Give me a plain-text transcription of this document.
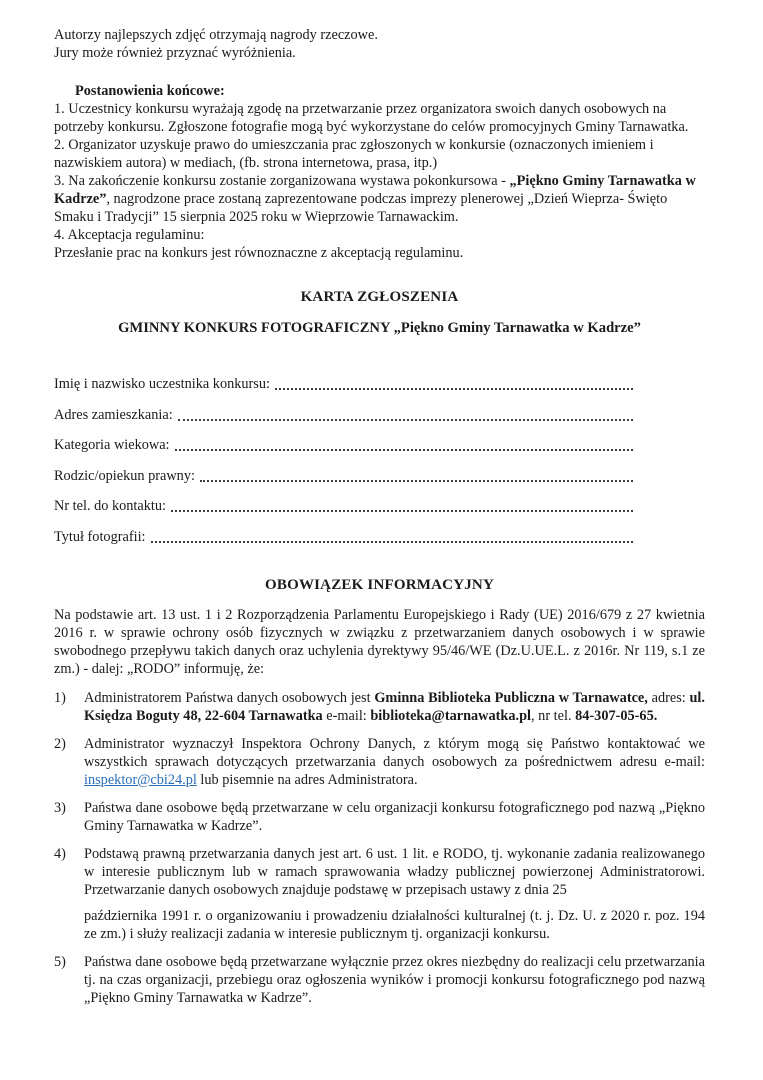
Autorzy najlepszych zdjęć otrzymają nagrody rzeczowe.
Jury może również przyznać wyróżnienia.

Postanowienia końcowe:

1. Uczestnicy konkursu wyrażają zgodę na przetwarzanie przez organizatora swoich danych osobowych na potrzeby konkursu. Zgłoszone fotografie mogą być wykorzystane do celów promocyjnych Gminy Tarnawatka.

2. Organizator uzyskuje prawo do umieszczania prac zgłoszonych w konkursie (oznaczonych imieniem i nazwiskiem autora) w mediach, (fb. strona internetowa, prasa, itp.)

3. Na zakończenie konkursu zostanie zorganizowana wystawa pokonkursowa - „Piękno Gminy Tarnawatka w Kadrze”, nagrodzone prace zostaną zaprezentowane podczas imprezy plenerowej „Dzień Wieprza- Święto Smaku i Tradycji” 15 sierpnia 2025 roku w Wieprzowie Tarnawackim.

4. Akceptacja regulaminu:
Przesłanie prac na konkurs jest równoznaczne z akceptacją regulaminu.

KARTA ZGŁOSZENIA

GMINNY KONKURS FOTOGRAFICZNY „Piękno Gminy Tarnawatka w Kadrze”

Imię i nazwisko uczestnika konkursu:
Adres zamieszkania:
Kategoria wiekowa:
Rodzic/opiekun prawny:
Nr tel. do kontaktu:
Tytuł fotografii:

OBOWIĄZEK INFORMACYJNY

Na podstawie art. 13 ust. 1 i 2 Rozporządzenia Parlamentu Europejskiego i Rady (UE) 2016/679 z 27 kwietnia 2016 r. w sprawie ochrony osób fizycznych w związku z przetwarzaniem danych osobowych i w sprawie swobodnego przepływu takich danych oraz uchylenia dyrektywy 95/46/WE (Dz.U.UE.L. z 2016r. Nr 119, s.1 ze zm.) - dalej: „RODO” informuję, że:

1)	Administratorem Państwa danych osobowych jest Gminna Biblioteka Publiczna w Tarnawatce, adres: ul. Księdza Boguty 48, 22-604 Tarnawatka e-mail: biblioteka@tarnawatka.pl, nr tel. 84-307-05-65.
2)	Administrator wyznaczył Inspektora Ochrony Danych, z którym mogą się Państwo kontaktować we wszystkich sprawach dotyczących przetwarzania danych osobowych za pośrednictwem adresu e-mail: inspektor@cbi24.pl lub pisemnie na adres Administratora.
3)	Państwa dane osobowe będą przetwarzane w celu organizacji konkursu fotograficznego pod nazwą „Piękno Gminy Tarnawatka w Kadrze”.
4)	Podstawą prawną przetwarzania danych jest art. 6 ust. 1 lit. e RODO, tj. wykonanie zadania realizowanego w interesie publicznym lub w ramach sprawowania władzy publicznej powierzonej Administratorowi. Przetwarzanie danych osobowych znajduje podstawę w przepisach ustawy z dnia 25

października 1991 r. o organizowaniu i prowadzeniu działalności kulturalnej (t. j. Dz. U. z 2020 r. poz. 194 ze zm.) i służy realizacji zadania w interesie publicznym tj. organizacji konkursu.

5)	Państwa dane osobowe będą przetwarzane wyłącznie przez okres niezbędny do realizacji celu przetwarzania tj. na czas organizacji, przebiegu oraz ogłoszenia wyników i promocji konkursu fotograficznego pod nazwą „Piękno Gminy Tarnawatka w Kadrze”.
